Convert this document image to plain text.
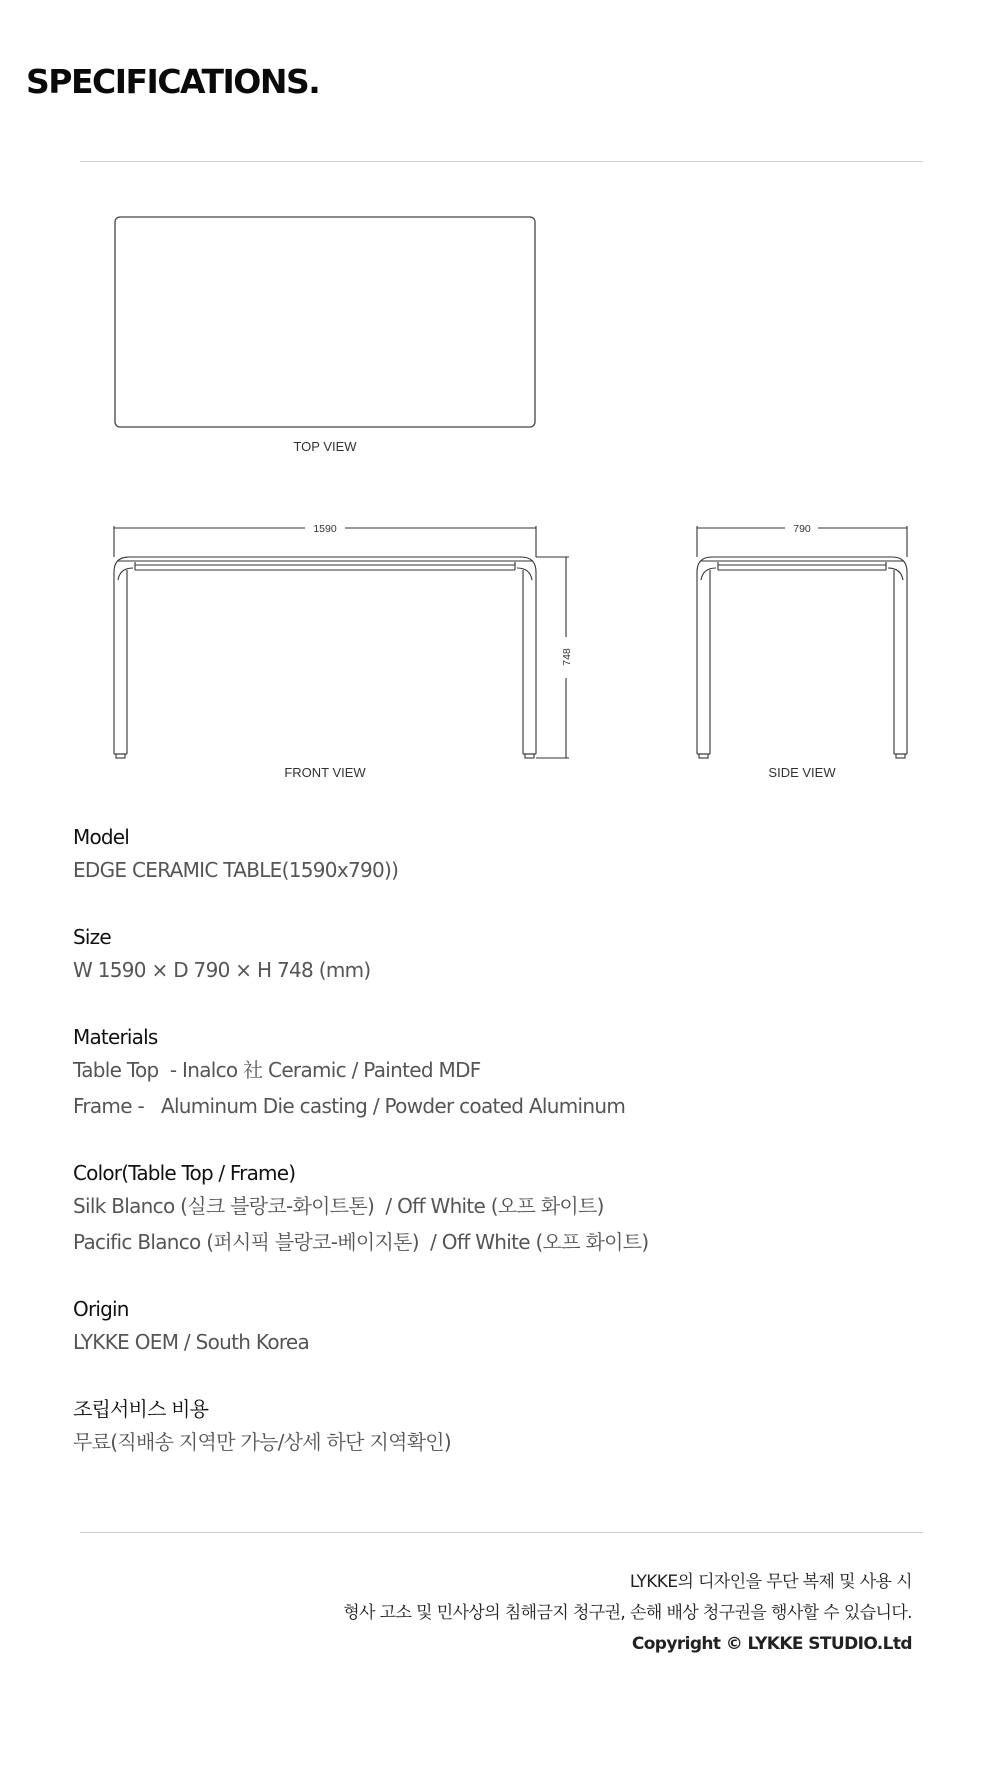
SPECIFICATIONS.
TOP VIEW
1590
748
FRONT VIEW
790
SIDE VIEW

Model

EDGE CERAMIC TABLE(1590x790))

Size

W 1590 × D 790 × H 748 (mm)

Materials

Table Top  - Inalco 社 Ceramic / Painted MDF

Frame -   Aluminum Die casting / Powder coated Aluminum

Color(Table Top / Frame)

Silk Blanco (실크 블랑코-화이트톤)  / Off White (오프 화이트)

Pacific Blanco (퍼시픽 블랑코-베이지톤)  / Off White (오프 화이트)

Origin

LYKKE OEM / South Korea

조립서비스 비용

무료(직배송 지역만 가능/상세 하단 지역확인)

LYKKE의 디자인을 무단 복제 및 사용 시

형사 고소 및 민사상의 침해금지 청구권, 손해 배상 청구권을 행사할 수 있습니다.

Copyright © LYKKE STUDIO.Ltd
